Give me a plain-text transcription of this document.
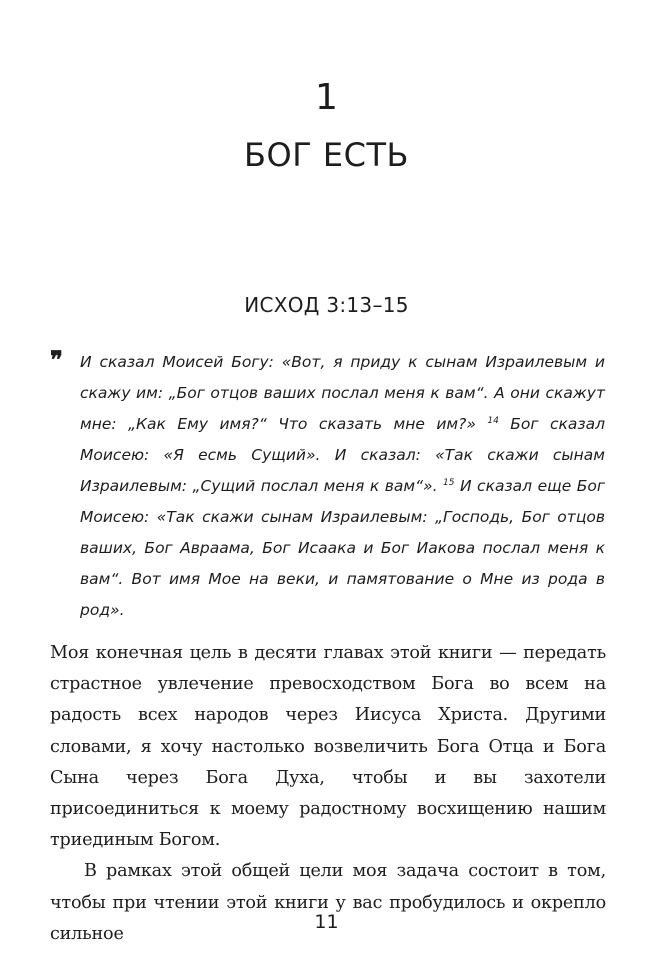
1
БОГ ЕСТЬ
ИСХОД 3:13–15
❞ И сказал Моисей Богу: «Вот, я приду к сынам Израилевым и скажу им: „Бог отцов ваших послал меня к вам“. А они скажут мне: „Как Ему имя?“ Что сказать мне им?» $^{14}$ Бог сказал Моисею: «Я есмь Сущий». И сказал: «Так скажи сынам Израилевым: „Сущий послал меня к вам“». $^{15}$ И сказал еще Бог Моисею: «Так скажи сынам Израилевым: „Господь, Бог отцов ваших, Бог Авраама, Бог Исаака и Бог Иакова послал меня к вам“. Вот имя Мое на веки, и памятование о Мне из рода в род».

Моя конечная цель в десяти главах этой книги — передать страстное увлечение превосходством Бога во всем на радость всех народов через Иисуса Христа. Другими словами, я хочу настолько возвеличить Бога Отца и Бога Сына через Бога Духа, чтобы и вы захотели присоединиться к моему радостному восхищению нашим триединым Богом.

В рамках этой общей цели моя задача состоит в том, чтобы при чтении этой книги у вас пробудилось и окрепло сильное

11
